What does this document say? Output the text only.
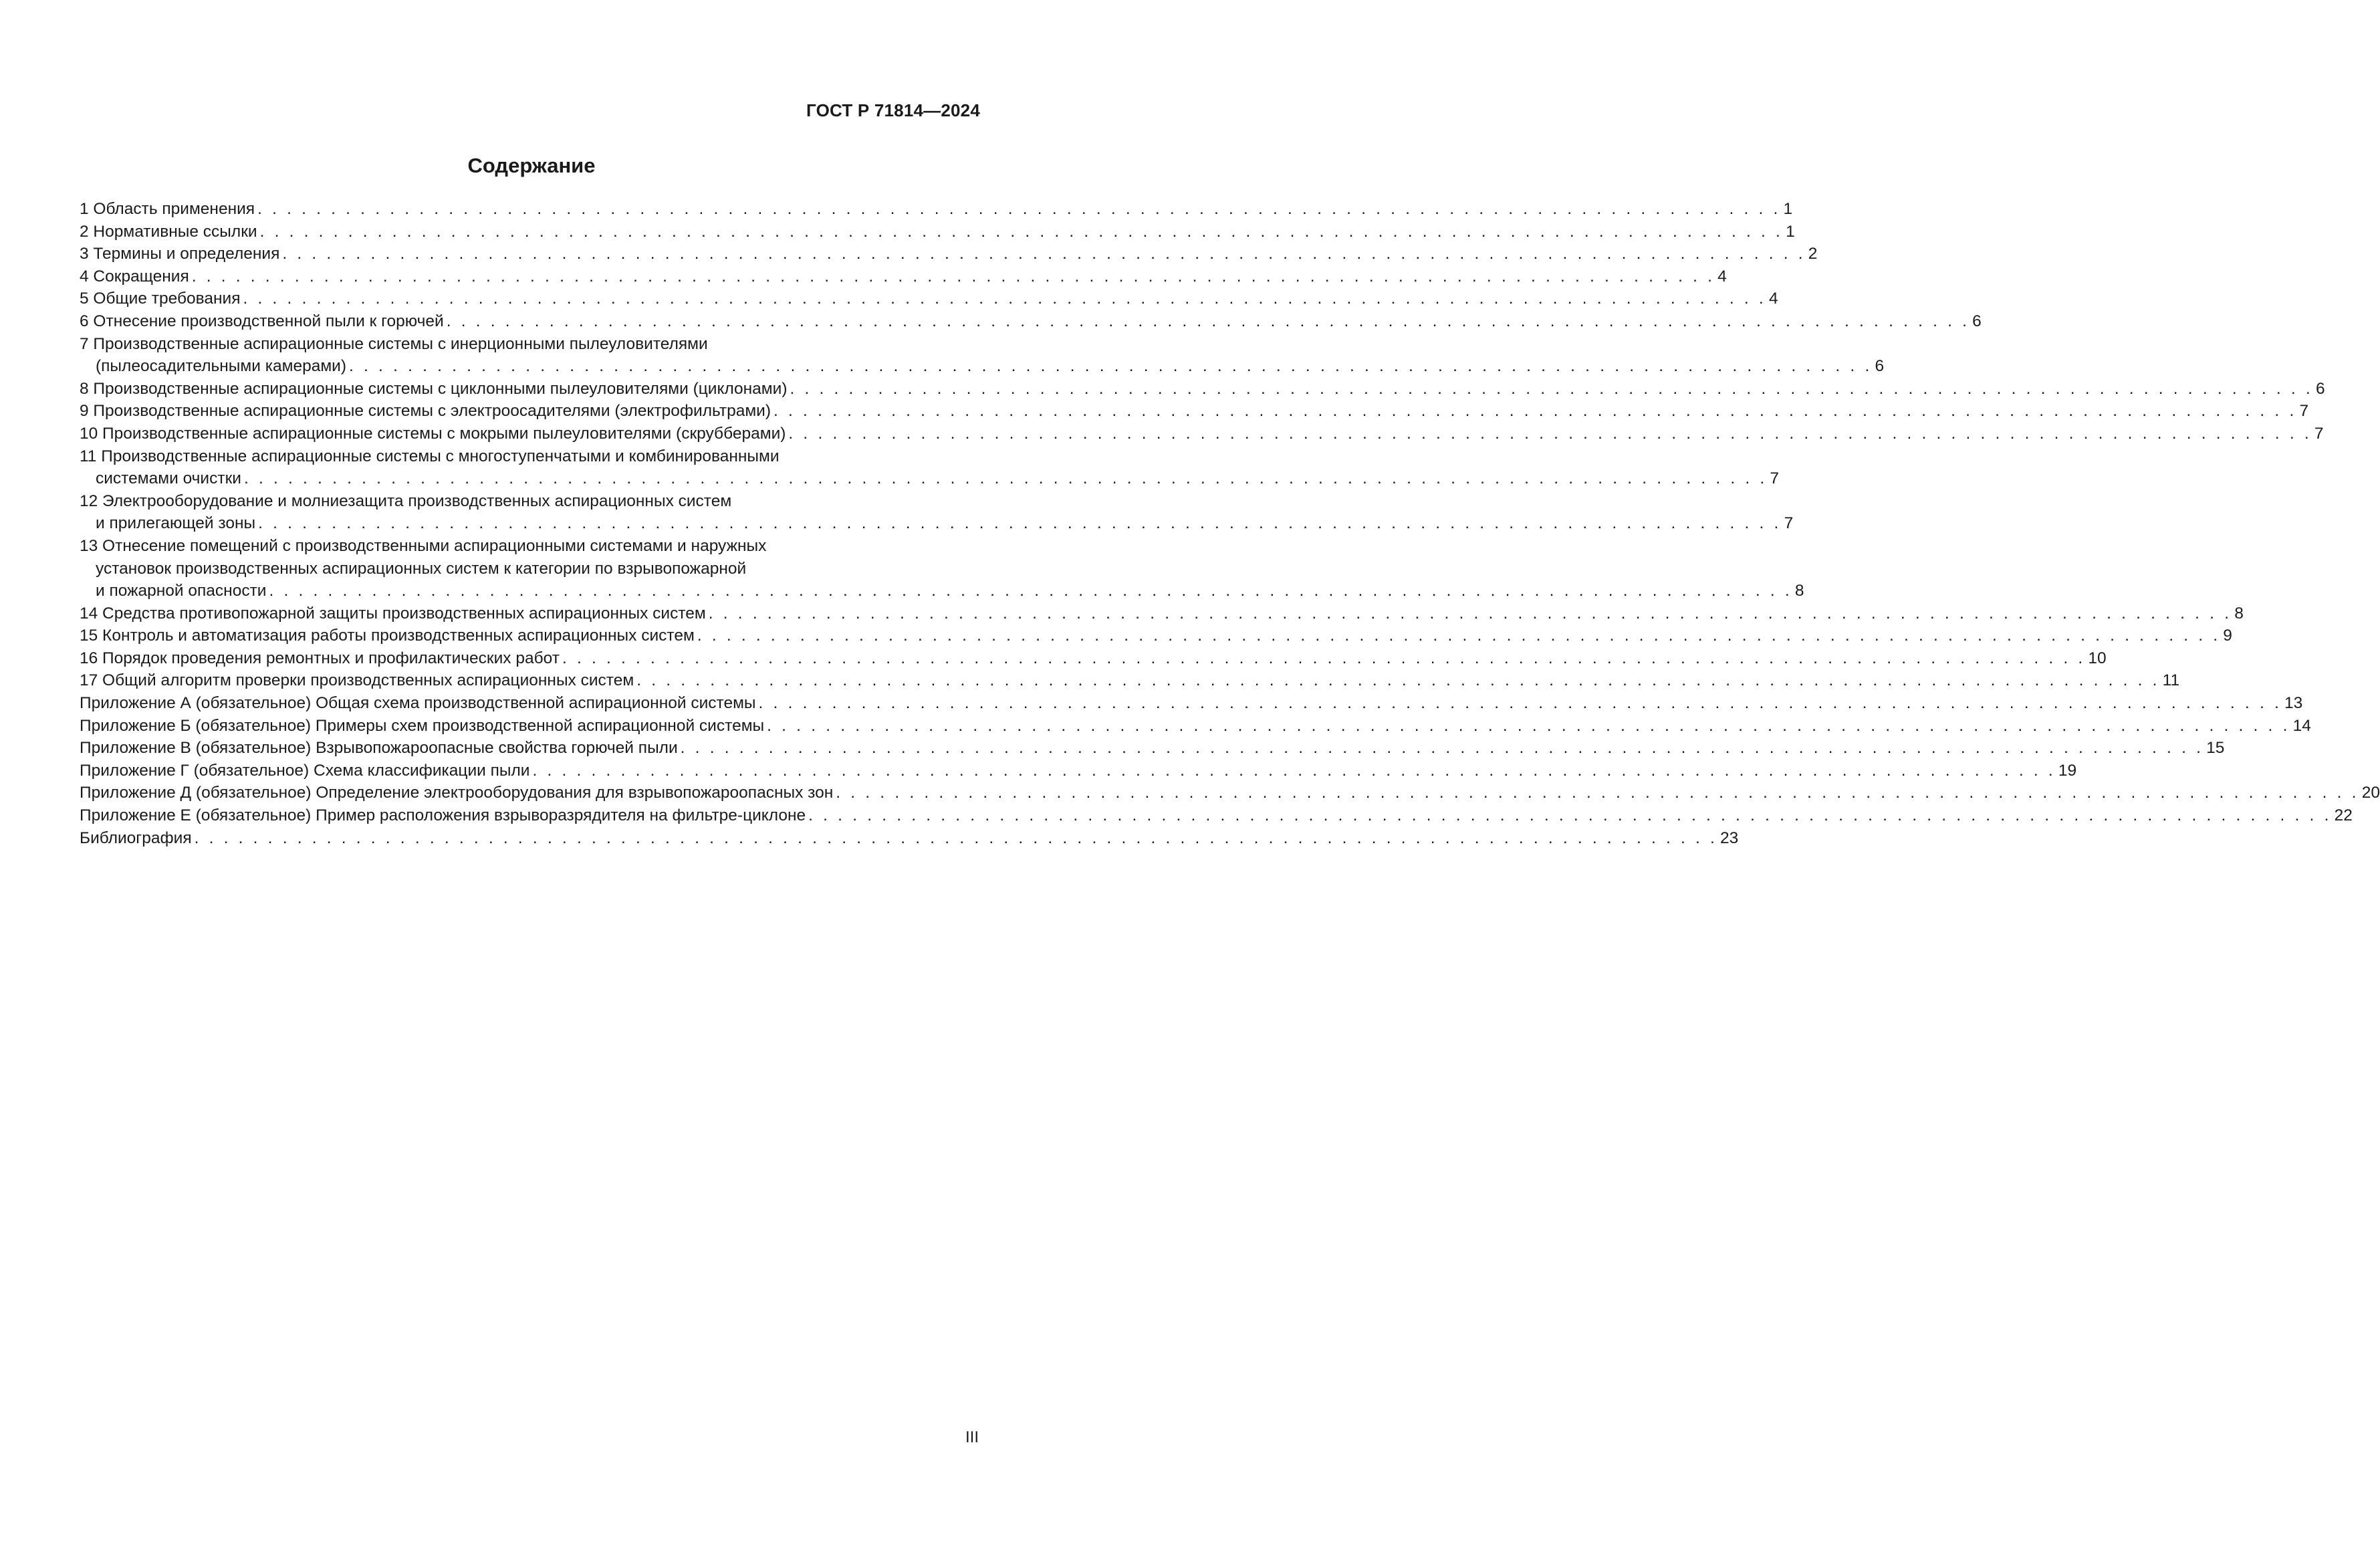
ГОСТ Р 71814—2024
Содержание
1 Область применения . . . . . . . . . . . . . . . . . . . . . . . . . . . . . . . . . . . . . . . . . . . . . . . . . . . . . . . . . . . . . . . . . . . . . . . . . . . . . . . . . . . . . . . . . . . . . . . . . . . . . . . . 1
2 Нормативные ссылки . . . . . . . . . . . . . . . . . . . . . . . . . . . . . . . . . . . . . . . . . . . . . . . . . . . . . . . . . . . . . . . . . . . . . . . . . . . . . . . . . . . . . . . . . . . . . . . . . . . . . . . . 1
3 Термины и определения . . . . . . . . . . . . . . . . . . . . . . . . . . . . . . . . . . . . . . . . . . . . . . . . . . . . . . . . . . . . . . . . . . . . . . . . . . . . . . . . . . . . . . . . . . . . . . . . . . . . . . . . 2
4 Сокращения . . . . . . . . . . . . . . . . . . . . . . . . . . . . . . . . . . . . . . . . . . . . . . . . . . . . . . . . . . . . . . . . . . . . . . . . . . . . . . . . . . . . . . . . . . . . . . . . . . . . . . . . 4
5 Общие требования . . . . . . . . . . . . . . . . . . . . . . . . . . . . . . . . . . . . . . . . . . . . . . . . . . . . . . . . . . . . . . . . . . . . . . . . . . . . . . . . . . . . . . . . . . . . . . . . . . . . . . . . 4
6 Отнесение производственной пыли к горючей . . . . . . . . . . . . . . . . . . . . . . . . . . . . . . . . . . . . . . . . . . . . . . . . . . . . . . . . . . . . . . . . . . . . . . . . . . . . . . . . . . . . . . . . . . . . . . . . . . . . . . . . 6
7 Производственные аспирационные системы с инерционными пылеуловителями
(пылеосадительными камерами) . . . . . . . . . . . . . . . . . . . . . . . . . . . . . . . . . . . . . . . . . . . . . . . . . . . . . . . . . . . . . . . . . . . . . . . . . . . . . . . . . . . . . . . . . . . . . . . . . . . . . . . . 6
8 Производственные аспирационные системы с циклонными пылеуловителями (циклонами) . . . . . . . . . . . . . . . . . . . . . . . . . . . . . . . . . . . . . . . . . . . . . . . . . . . . . . . . . . . . . . . . . . . . . . . . . . . . . . . . . . . . . . . . . . . . . . . . . . . . . . . . 6
9 Производственные аспирационные системы с электроосадителями (электрофильтрами) . . . . . . . . . . . . . . . . . . . . . . . . . . . . . . . . . . . . . . . . . . . . . . . . . . . . . . . . . . . . . . . . . . . . . . . . . . . . . . . . . . . . . . . . . . . . . . . . . . . . . . . . 7
10 Производственные аспирационные системы с мокрыми пылеуловителями (скрубберами) . . . . . . . . . . . . . . . . . . . . . . . . . . . . . . . . . . . . . . . . . . . . . . . . . . . . . . . . . . . . . . . . . . . . . . . . . . . . . . . . . . . . . . . . . . . . . . . . . . . . . . . . 7
11 Производственные аспирационные системы с многоступенчатыми и комбинированными
системами очистки . . . . . . . . . . . . . . . . . . . . . . . . . . . . . . . . . . . . . . . . . . . . . . . . . . . . . . . . . . . . . . . . . . . . . . . . . . . . . . . . . . . . . . . . . . . . . . . . . . . . . . . . 7
12 Электрооборудование и молниезащита производственных аспирационных систем
и прилегающей зоны . . . . . . . . . . . . . . . . . . . . . . . . . . . . . . . . . . . . . . . . . . . . . . . . . . . . . . . . . . . . . . . . . . . . . . . . . . . . . . . . . . . . . . . . . . . . . . . . . . . . . . . . 7
13 Отнесение помещений с производственными аспирационными системами и наружных
установок производственных аспирационных систем к категории по взрывопожарной
и пожарной опасности . . . . . . . . . . . . . . . . . . . . . . . . . . . . . . . . . . . . . . . . . . . . . . . . . . . . . . . . . . . . . . . . . . . . . . . . . . . . . . . . . . . . . . . . . . . . . . . . . . . . . . . . 8
14 Средства противопожарной защиты производственных аспирационных систем . . . . . . . . . . . . . . . . . . . . . . . . . . . . . . . . . . . . . . . . . . . . . . . . . . . . . . . . . . . . . . . . . . . . . . . . . . . . . . . . . . . . . . . . . . . . . . . . . . . . . . . . 8
15 Контроль и автоматизация работы производственных аспирационных систем . . . . . . . . . . . . . . . . . . . . . . . . . . . . . . . . . . . . . . . . . . . . . . . . . . . . . . . . . . . . . . . . . . . . . . . . . . . . . . . . . . . . . . . . . . . . . . . . . . . . . . . . 9
16 Порядок проведения ремонтных и профилактических работ . . . . . . . . . . . . . . . . . . . . . . . . . . . . . . . . . . . . . . . . . . . . . . . . . . . . . . . . . . . . . . . . . . . . . . . . . . . . . . . . . . . . . . . . . . . . . . . . . . . . . . . . 10
17 Общий алгоритм проверки производственных аспирационных систем . . . . . . . . . . . . . . . . . . . . . . . . . . . . . . . . . . . . . . . . . . . . . . . . . . . . . . . . . . . . . . . . . . . . . . . . . . . . . . . . . . . . . . . . . . . . . . . . . . . . . . . . 11
Приложение А (обязательное) Общая схема производственной аспирационной системы . . . . . . . . . . . . . . . . . . . . . . . . . . . . . . . . . . . . . . . . . . . . . . . . . . . . . . . . . . . . . . . . . . . . . . . . . . . . . . . . . . . . . . . . . . . . . . . . . . . . . . . . 13
Приложение Б (обязательное) Примеры схем производственной аспирационной системы . . . . . . . . . . . . . . . . . . . . . . . . . . . . . . . . . . . . . . . . . . . . . . . . . . . . . . . . . . . . . . . . . . . . . . . . . . . . . . . . . . . . . . . . . . . . . . . . . . . . . . . . 14
Приложение В (обязательное) Взрывопожароопасные свойства горючей пыли . . . . . . . . . . . . . . . . . . . . . . . . . . . . . . . . . . . . . . . . . . . . . . . . . . . . . . . . . . . . . . . . . . . . . . . . . . . . . . . . . . . . . . . . . . . . . . . . . . . . . . . . 15
Приложение Г (обязательное) Схема классификации пыли . . . . . . . . . . . . . . . . . . . . . . . . . . . . . . . . . . . . . . . . . . . . . . . . . . . . . . . . . . . . . . . . . . . . . . . . . . . . . . . . . . . . . . . . . . . . . . . . . . . . . . . . 19
Приложение Д (обязательное) Определение электрооборудования для взрывопожароопасных зон . . . . . . . . . . . . . . . . . . . . . . . . . . . . . . . . . . . . . . . . . . . . . . . . . . . . . . . . . . . . . . . . . . . . . . . . . . . . . . . . . . . . . . . . . . . . . . . . . . . . . . . . 20
Приложение Е (обязательное) Пример расположения взрыворазрядителя на фильтре-циклоне . . . . . . . . . . . . . . . . . . . . . . . . . . . . . . . . . . . . . . . . . . . . . . . . . . . . . . . . . . . . . . . . . . . . . . . . . . . . . . . . . . . . . . . . . . . . . . . . . . . . . . . . 22
Библиография . . . . . . . . . . . . . . . . . . . . . . . . . . . . . . . . . . . . . . . . . . . . . . . . . . . . . . . . . . . . . . . . . . . . . . . . . . . . . . . . . . . . . . . . . . . . . . . . . . . . . . . . 23
III
